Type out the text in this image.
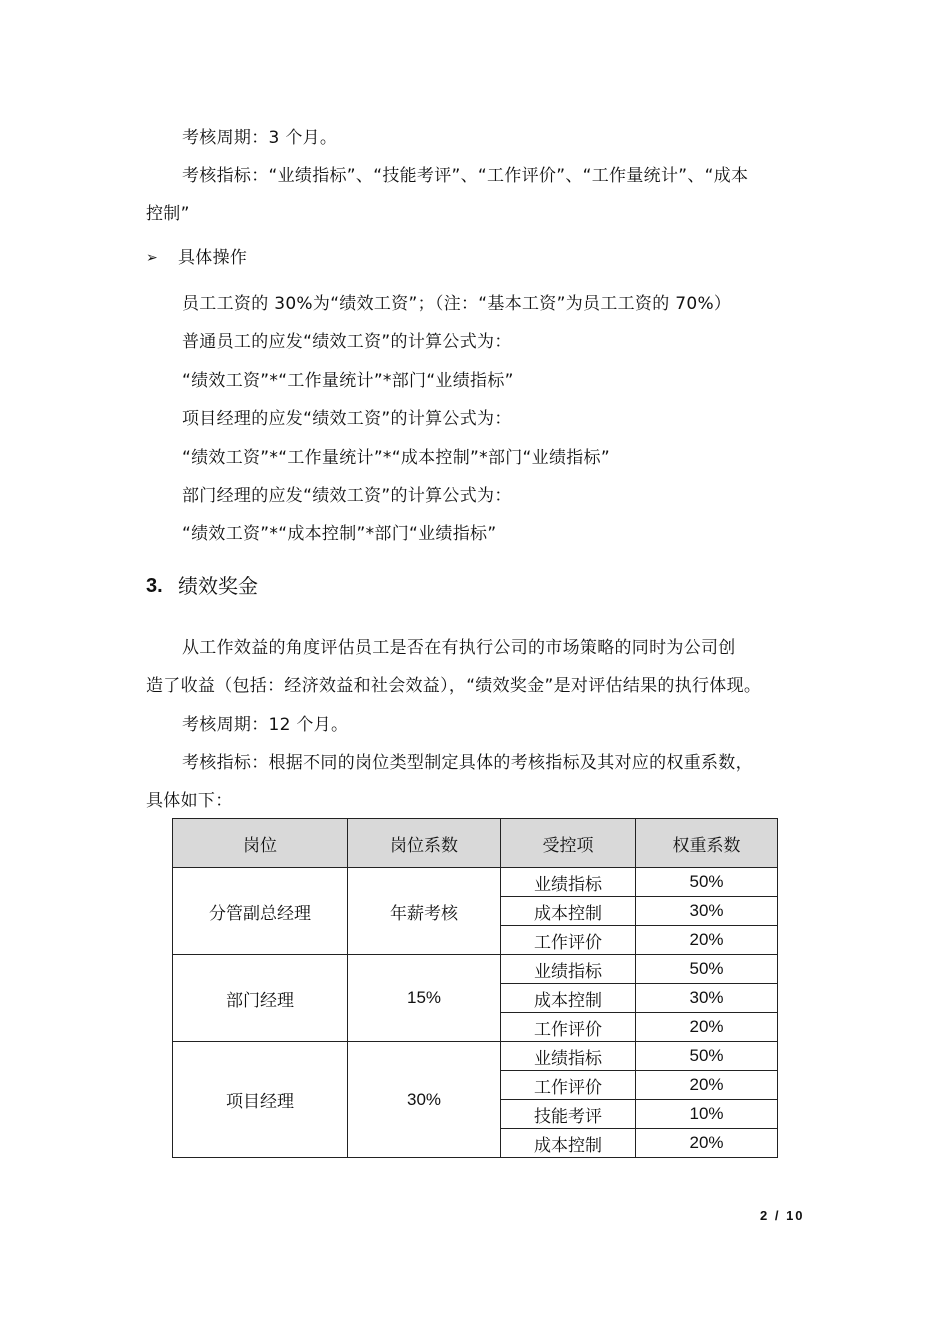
考核周期：3 个月。
考核指标：“业绩指标”、“技能考评”、“工作评价”、“工作量统计”、“成本
控制”
➢ 具体操作
员工工资的 30%为“绩效工资”；（注：“基本工资”为员工工资的 70%）
普通员工的应发“绩效工资”的计算公式为：
“绩效工资”*“工作量统计”*部门“业绩指标”
项目经理的应发“绩效工资”的计算公式为：
“绩效工资”*“工作量统计”*“成本控制”*部门“业绩指标”
部门经理的应发“绩效工资”的计算公式为：
“绩效工资”*“成本控制”*部门“业绩指标”
3. 绩效奖金
从工作效益的角度评估员工是否在有执行公司的市场策略的同时为公司创
造了收益（包括：经济效益和社会效益），“绩效奖金”是对评估结果的执行体现。
考核周期：12 个月。
考核指标：根据不同的岗位类型制定具体的考核指标及其对应的权重系数，
具体如下：
岗位	岗位系数	受控项	权重系数
分管副总经理	年薪考核	业绩指标	50%
		成本控制	30%
		工作评价	20%
部门经理	15%	业绩指标	50%
		成本控制	30%
		工作评价	20%
项目经理	30%	业绩指标	50%
		工作评价	20%
		技能考评	10%
		成本控制	20%
2 / 10
